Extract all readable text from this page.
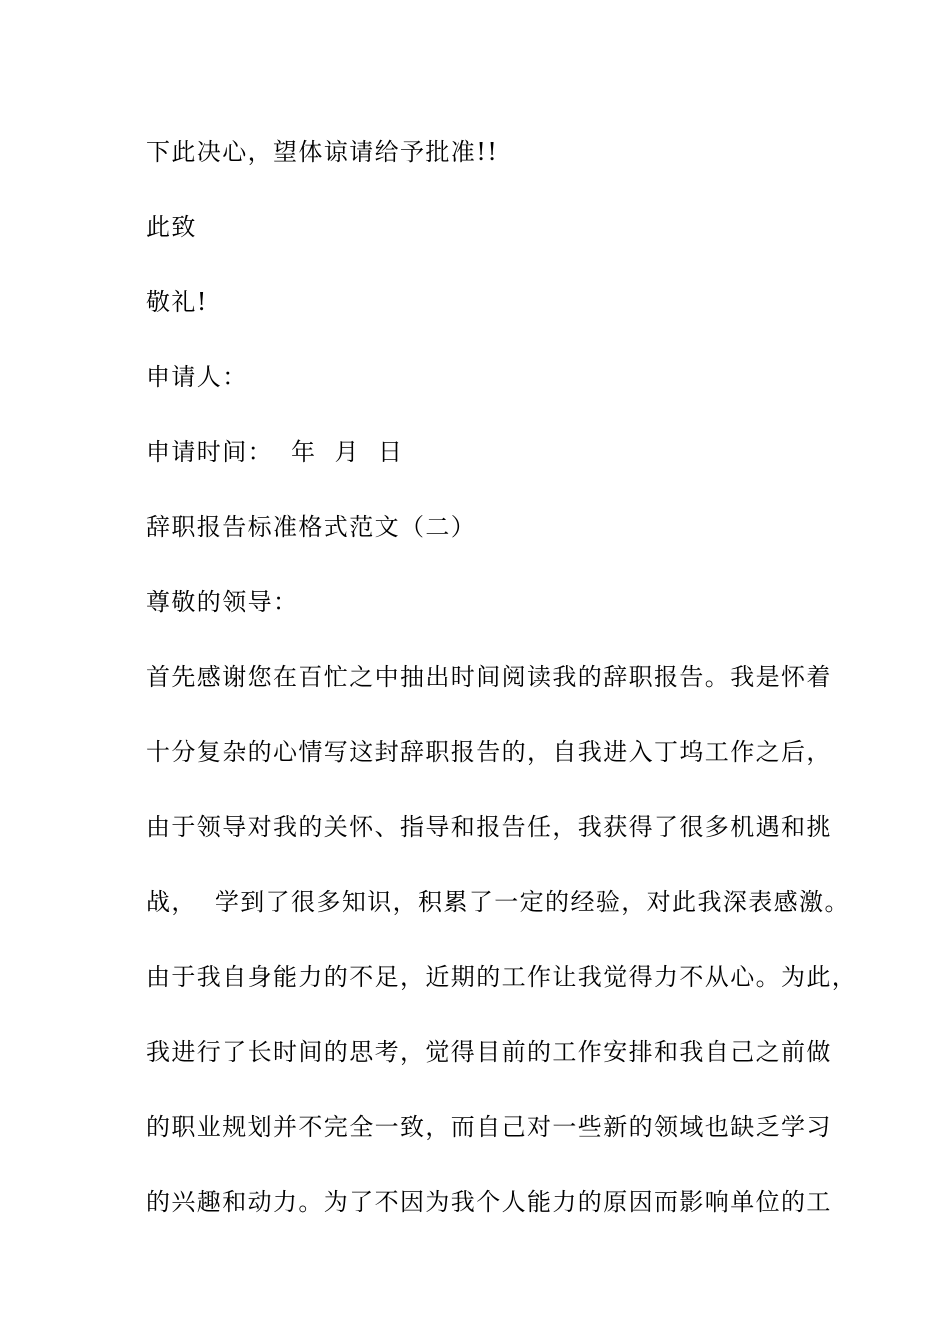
下此决心，望体谅请给予批准!!
此致
敬礼!
申请人：
申请时间：  年  月  日
辞职报告标准格式范文（二）
尊敬的领导：
首先感谢您在百忙之中抽出时间阅读我的辞职报告。我是怀着
十分复杂的心情写这封辞职报告的，自我进入丁坞工作之后，
由于领导对我的关怀、指导和报告任，我获得了很多机遇和挑
战，  学到了很多知识，积累了一定的经验，对此我深表感激。
由于我自身能力的不足，近期的工作让我觉得力不从心。为此，
我进行了长时间的思考，觉得目前的工作安排和我自己之前做
的职业规划并不完全一致，而自己对一些新的领域也缺乏学习
的兴趣和动力。为了不因为我个人能力的原因而影响单位的工
